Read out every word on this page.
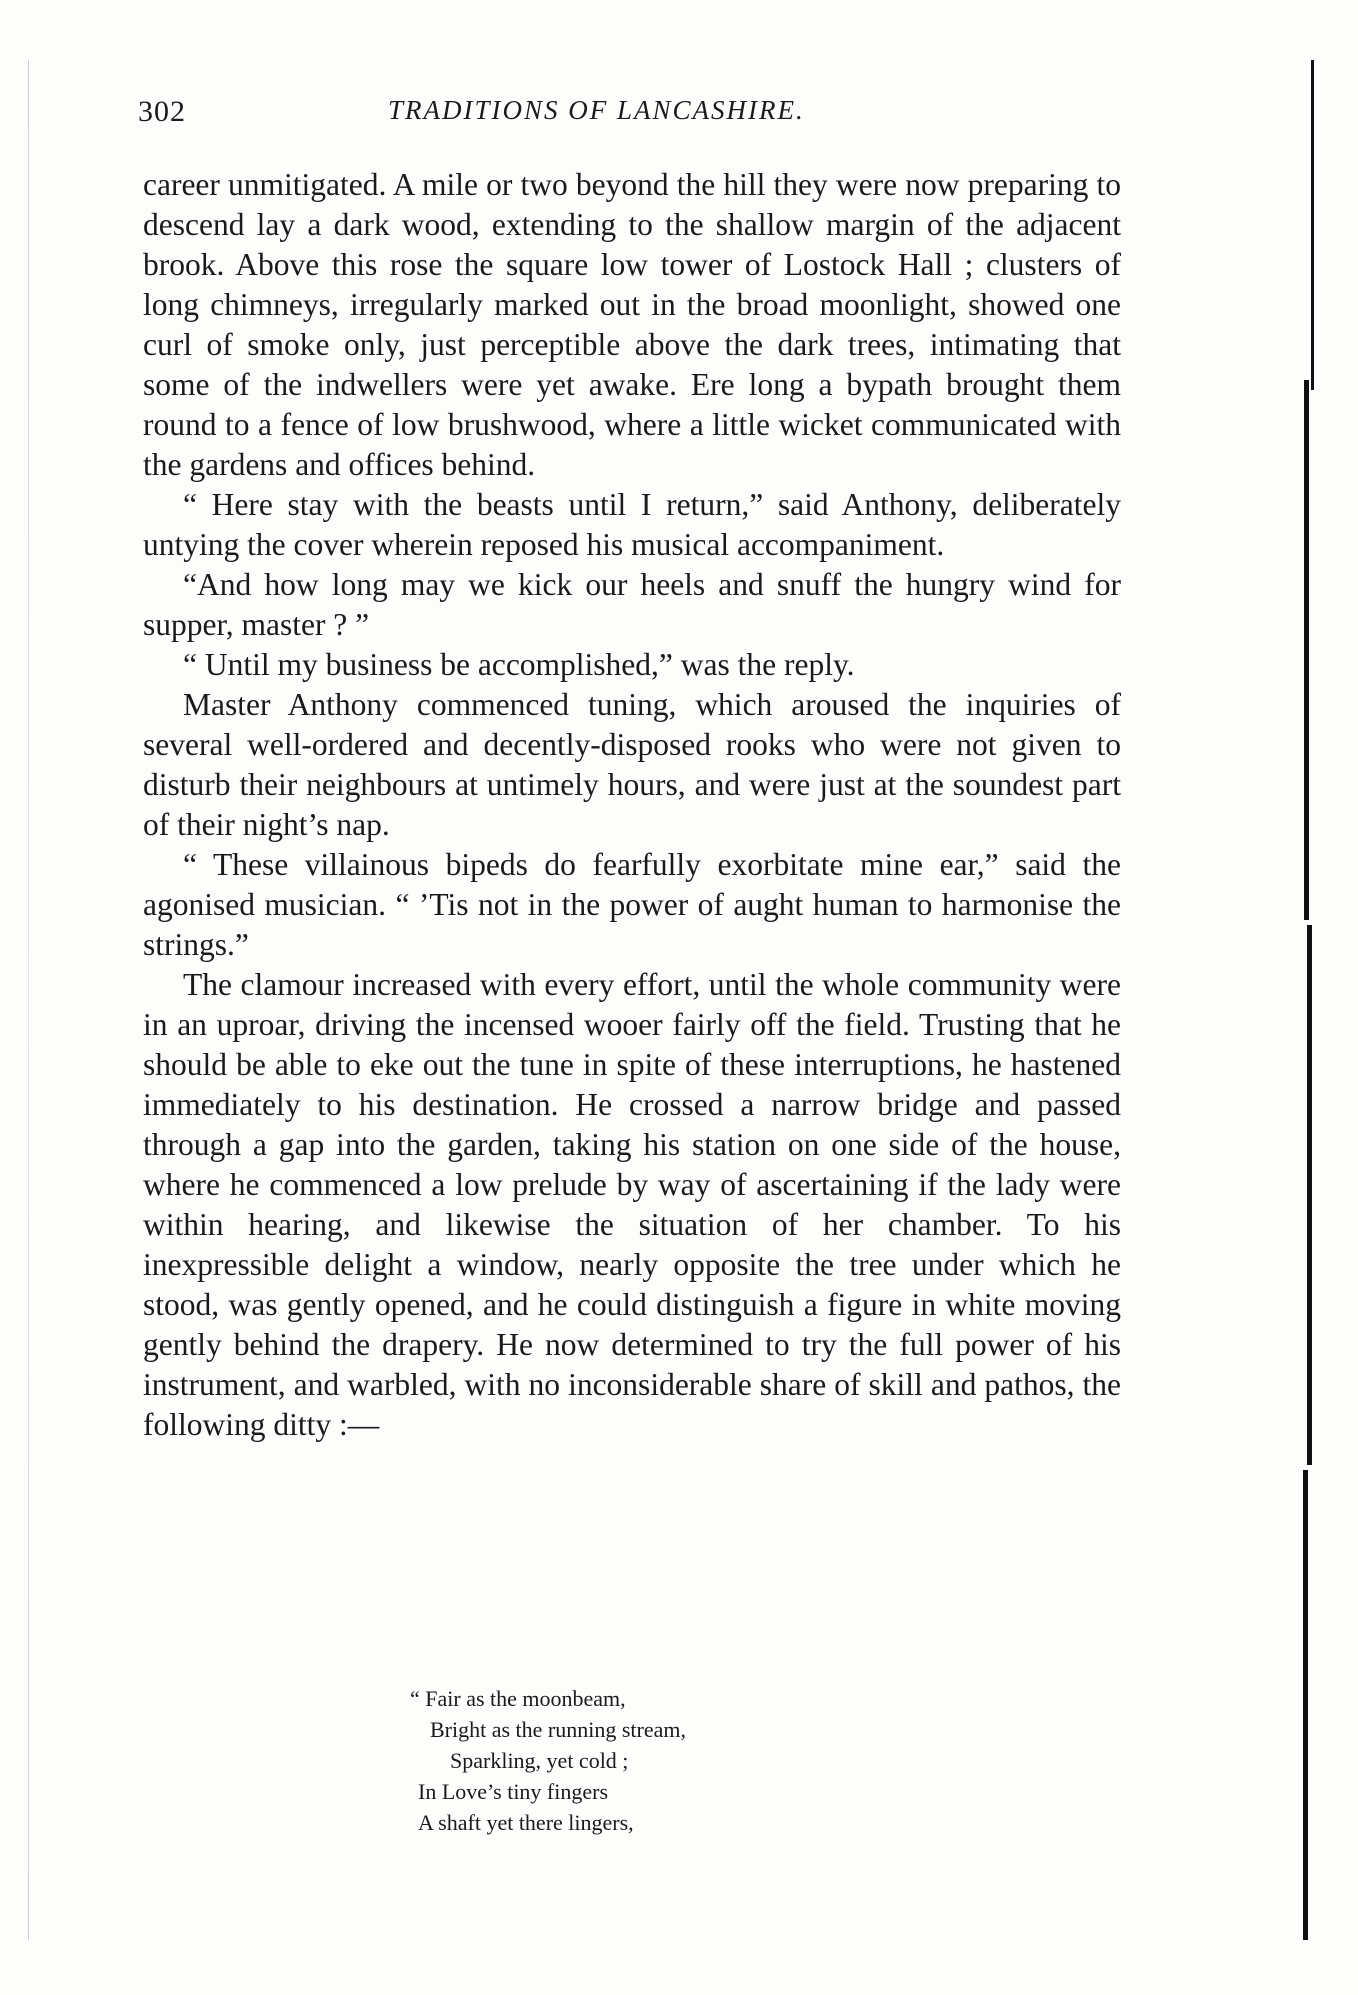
302	TRADITIONS OF LANCASHIRE.

career unmitigated. A mile or two beyond the hill they were now preparing to descend lay a dark wood, extending to the shallow margin of the adjacent brook. Above this rose the square low tower of Lostock Hall ; clusters of long chimneys, irregularly marked out in the broad moonlight, showed one curl of smoke only, just perceptible above the dark trees, intimating that some of the indwellers were yet awake. Ere long a bypath brought them round to a fence of low brushwood, where a little wicket communicated with the gardens and offices behind.

“ Here stay with the beasts until I return,” said Anthony, deliberately untying the cover wherein reposed his musical accompaniment.

“And how long may we kick our heels and snuff the hungry wind for supper, master ? ”

“ Until my business be accomplished,” was the reply.

Master Anthony commenced tuning, which aroused the inquiries of several well-ordered and decently-disposed rooks who were not given to disturb their neighbours at untimely hours, and were just at the soundest part of their night’s nap.

“ These villainous bipeds do fearfully exorbitate mine ear,” said the agonised musician. “ ’Tis not in the power of aught human to harmonise the strings.”

The clamour increased with every effort, until the whole community were in an uproar, driving the incensed wooer fairly off the field. Trusting that he should be able to eke out the tune in spite of these interruptions, he hastened immediately to his destination. He crossed a narrow bridge and passed through a gap into the garden, taking his station on one side of the house, where he commenced a low prelude by way of ascertaining if the lady were within hearing, and likewise the situation of her chamber. To his inexpressible delight a window, nearly opposite the tree under which he stood, was gently opened, and he could distinguish a figure in white moving gently behind the drapery. He now determined to try the full power of his instrument, and warbled, with no inconsiderable share of skill and pathos, the following ditty :—

“ Fair as the moonbeam,
Bright as the running stream,
Sparkling, yet cold ;
In Love’s tiny fingers
A shaft yet there lingers,
